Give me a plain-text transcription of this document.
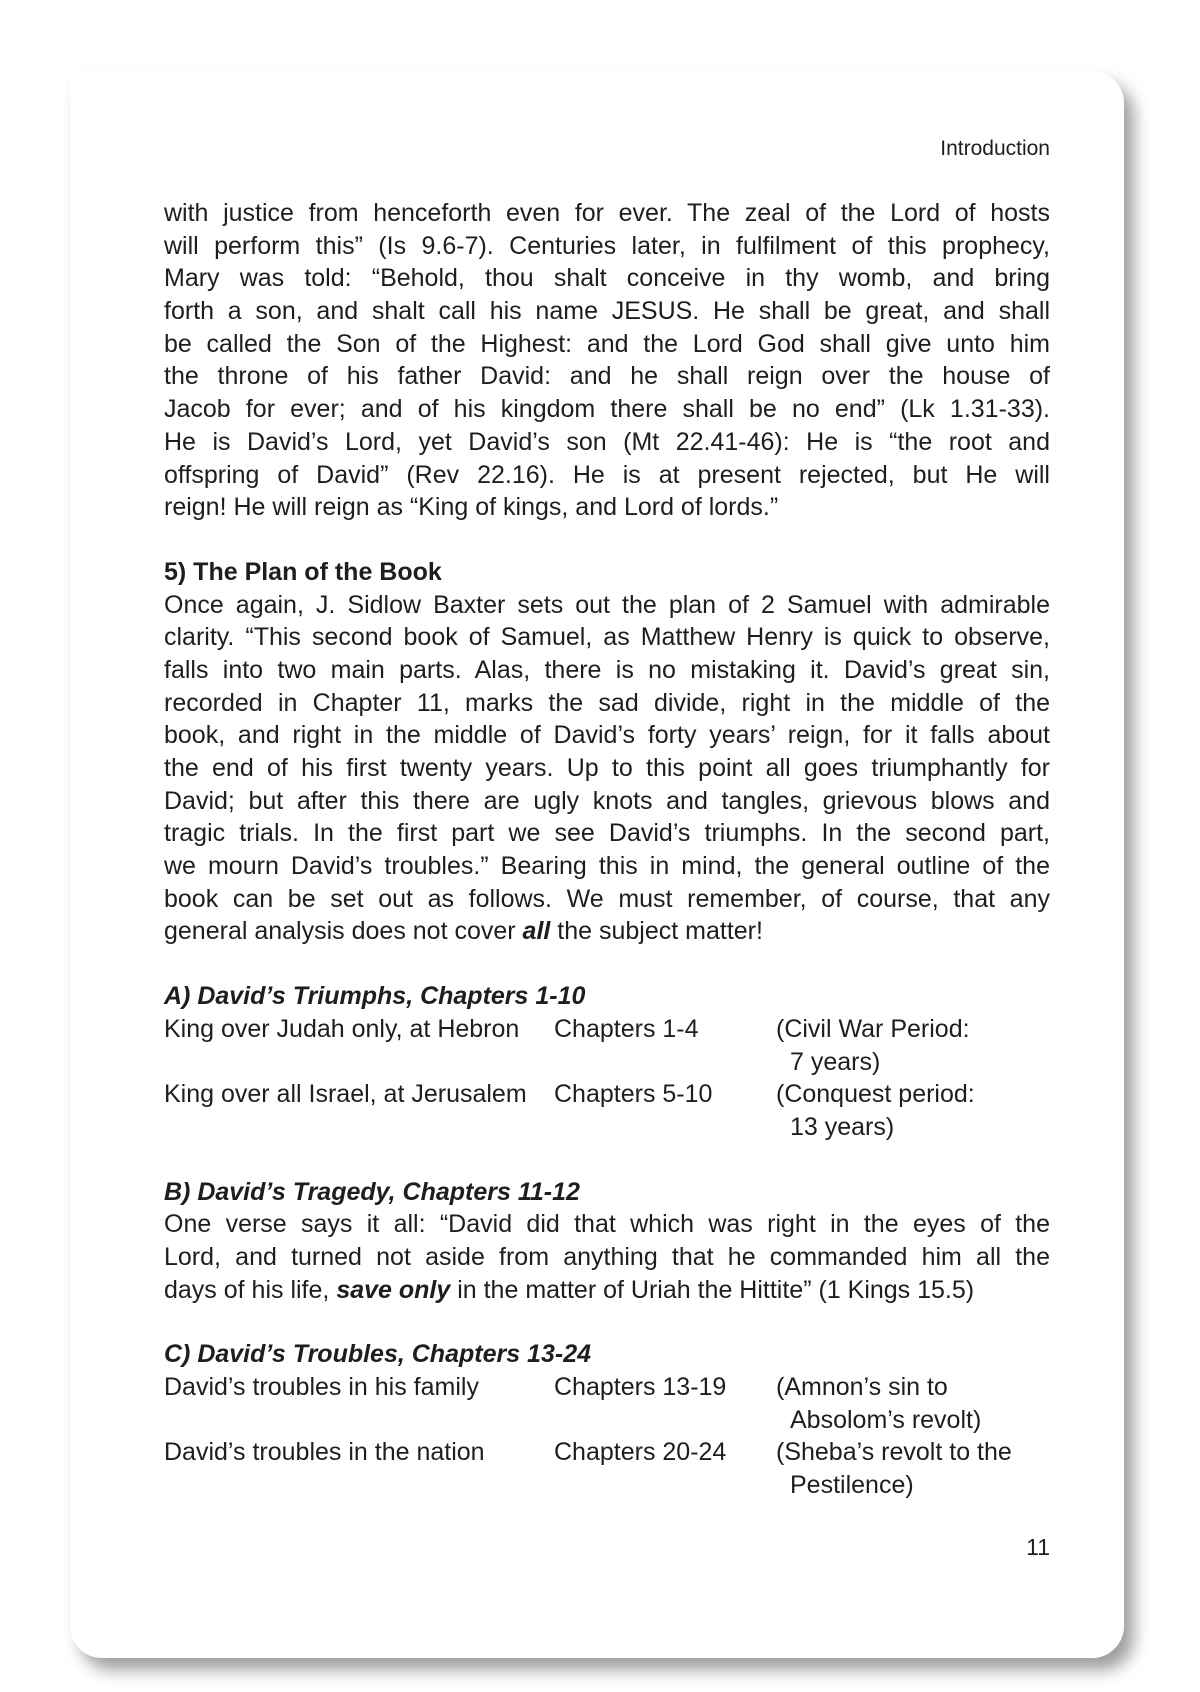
Introduction
with justice from henceforth even for ever. The zeal of the Lord of hosts
will perform this” (Is 9.6-7). Centuries later, in fulfilment of this prophecy,
Mary was told: “Behold, thou shalt conceive in thy womb, and bring
forth a son, and shalt call his name JESUS. He shall be great, and shall
be called the Son of the Highest: and the Lord God shall give unto him
the throne of his father David: and he shall reign over the house of
Jacob for ever; and of his kingdom there shall be no end” (Lk 1.31-33).
He is David’s Lord, yet David’s son (Mt 22.41-46): He is “the root and
offspring of David” (Rev 22.16). He is at present rejected, but He will
reign! He will reign as “King of kings, and Lord of lords.”
5) The Plan of the Book
Once again, J. Sidlow Baxter sets out the plan of 2 Samuel with admirable
clarity. “This second book of Samuel, as Matthew Henry is quick to observe,
falls into two main parts. Alas, there is no mistaking it. David’s great sin,
recorded in Chapter 11, marks the sad divide, right in the middle of the
book, and right in the middle of David’s forty years’ reign, for it falls about
the end of his first twenty years. Up to this point all goes triumphantly for
David; but after this there are ugly knots and tangles, grievous blows and
tragic trials. In the first part we see David’s triumphs. In the second part,
we mourn David’s troubles.” Bearing this in mind, the general outline of the
book can be set out as follows. We must remember, of course, that any
general analysis does not cover all the subject matter!
A) David’s Triumphs, Chapters 1-10
King over Judah only, at Hebron	Chapters 1-4	(Civil War Period:
7 years)
King over all Israel, at Jerusalem	Chapters 5-10	(Conquest period:
13 years)
B) David’s Tragedy, Chapters 11-12
One verse says it all: “David did that which was right in the eyes of the
Lord, and turned not aside from anything that he commanded him all the
days of his life, save only in the matter of Uriah the Hittite” (1 Kings 15.5)
C) David’s Troubles, Chapters 13-24
David’s troubles in his family	Chapters 13-19	(Amnon’s sin to
Absolom’s revolt)
David’s troubles in the nation	Chapters 20-24	(Sheba’s revolt to the
Pestilence)
11
